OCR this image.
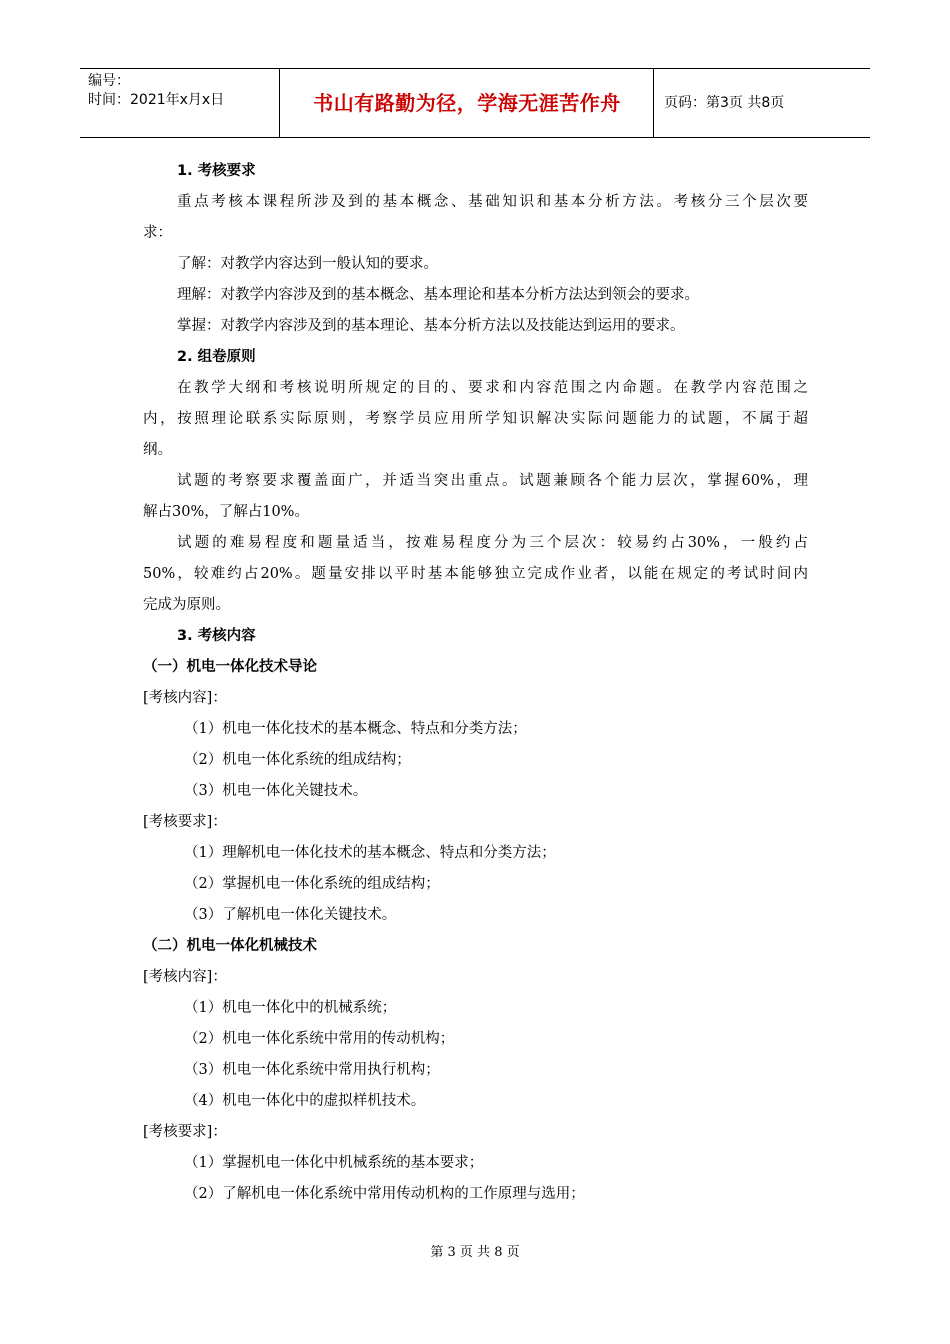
编号：
时间：2021年x月x日	书山有路勤为径，学海无涯苦作舟	页码：第3页 共8页
1. 考核要求
重点考核本课程所涉及到的基本概念、基础知识和基本分析方法。考核分三个层次要
求：
了解：对教学内容达到一般认知的要求。
理解：对教学内容涉及到的基本概念、基本理论和基本分析方法达到领会的要求。
掌握：对教学内容涉及到的基本理论、基本分析方法以及技能达到运用的要求。
2. 组卷原则
在教学大纲和考核说明所规定的目的、要求和内容范围之内命题。在教学内容范围之
内，按照理论联系实际原则，考察学员应用所学知识解决实际问题能力的试题，不属于超
纲。
试题的考察要求覆盖面广，并适当突出重点。试题兼顾各个能力层次，掌握60%，理
解占30%，了解占10%。
试题的难易程度和题量适当，按难易程度分为三个层次：较易约占30%，一般约占
50%，较难约占20%。题量安排以平时基本能够独立完成作业者，以能在规定的考试时间内
完成为原则。
3. 考核内容
（一）机电一体化技术导论
[考核内容]：
（1）机电一体化技术的基本概念、特点和分类方法；
（2）机电一体化系统的组成结构；
（3）机电一体化关键技术。
[考核要求]：
（1）理解机电一体化技术的基本概念、特点和分类方法；
（2）掌握机电一体化系统的组成结构；
（3）了解机电一体化关键技术。
（二）机电一体化机械技术
[考核内容]：
（1）机电一体化中的机械系统；
（2）机电一体化系统中常用的传动机构；
（3）机电一体化系统中常用执行机构；
（4）机电一体化中的虚拟样机技术。
[考核要求]：
（1）掌握机电一体化中机械系统的基本要求；
（2）了解机电一体化系统中常用传动机构的工作原理与选用；
第 3 页 共 8 页
